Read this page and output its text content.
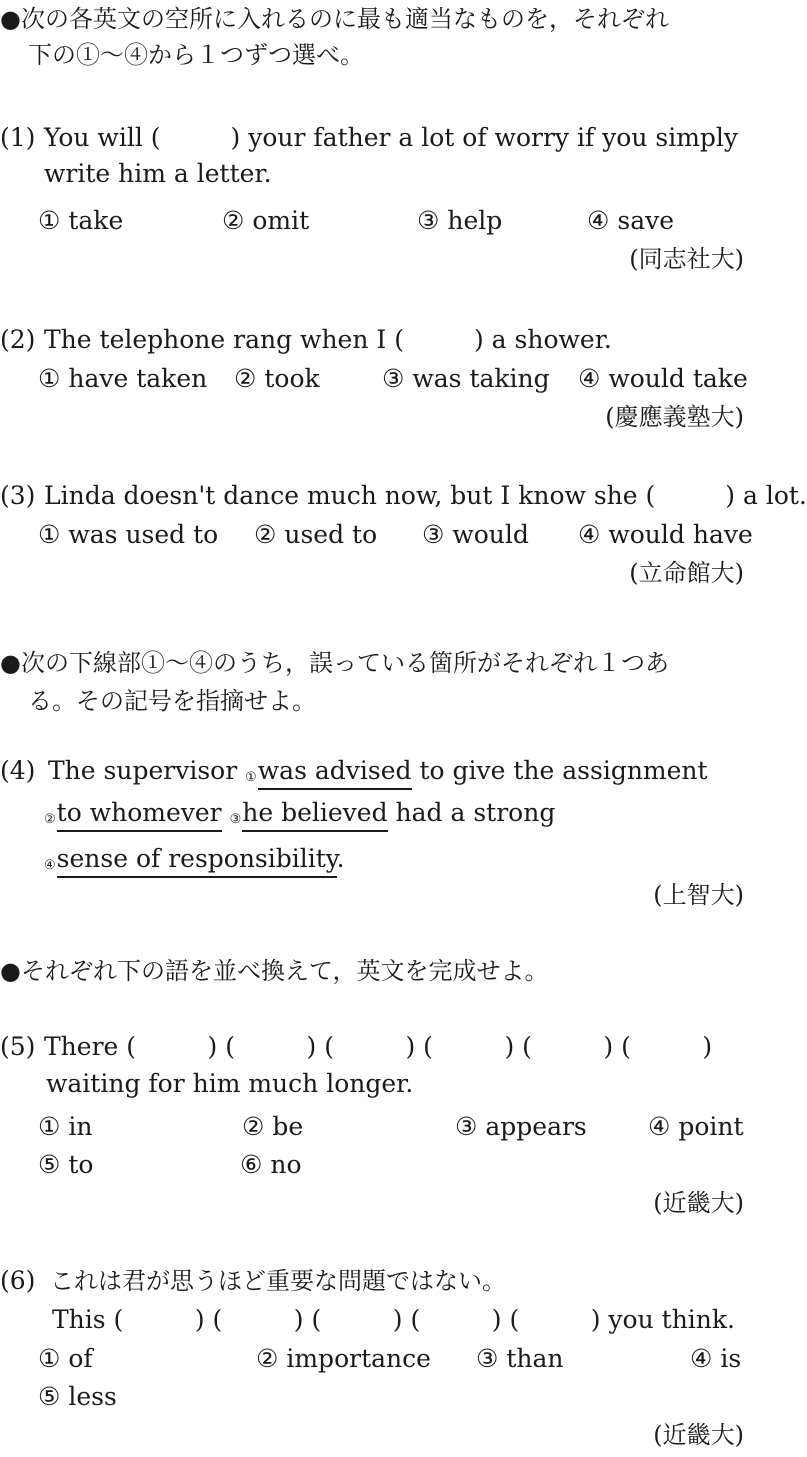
●次の各英文の空所に入れるのに最も適当なものを，それぞれ
下の①～④から１つずつ選べ。
(1) You will (	) your father a lot of worry if you simply
write him a letter.
① take	② omit	③ help	④ save
(同志社大)
(2) The telephone rang when I (	) a shower.
① have taken ② took ③ was taking ④ would take
(慶應義塾大)
(3) Linda doesn't dance much now, but I know she (	) a lot.
① was used to ② used to ③ would ④ would have
(立命館大)
●次の下線部①～④のうち，誤っている箇所がそれぞれ１つあ
る。その記号を指摘せよ。
(4) The supervisor ①was advised to give the assignment
②to whomever ③he believed had a strong
④sense of responsibility.
(上智大)
●それぞれ下の語を並べ換えて，英文を完成せよ。
(5) There (         ) (         ) (         ) (         ) (         ) (         )
waiting for him much longer.
① in	② be	③ appears ④ point
⑤ to	⑥ no
(近畿大)
(6) これは君が思うほど重要な問題ではない。
This (         ) (         ) (         ) (         ) (         ) you think.
① of	② importance ③ than	④ is
⑤ less
(近畿大)
